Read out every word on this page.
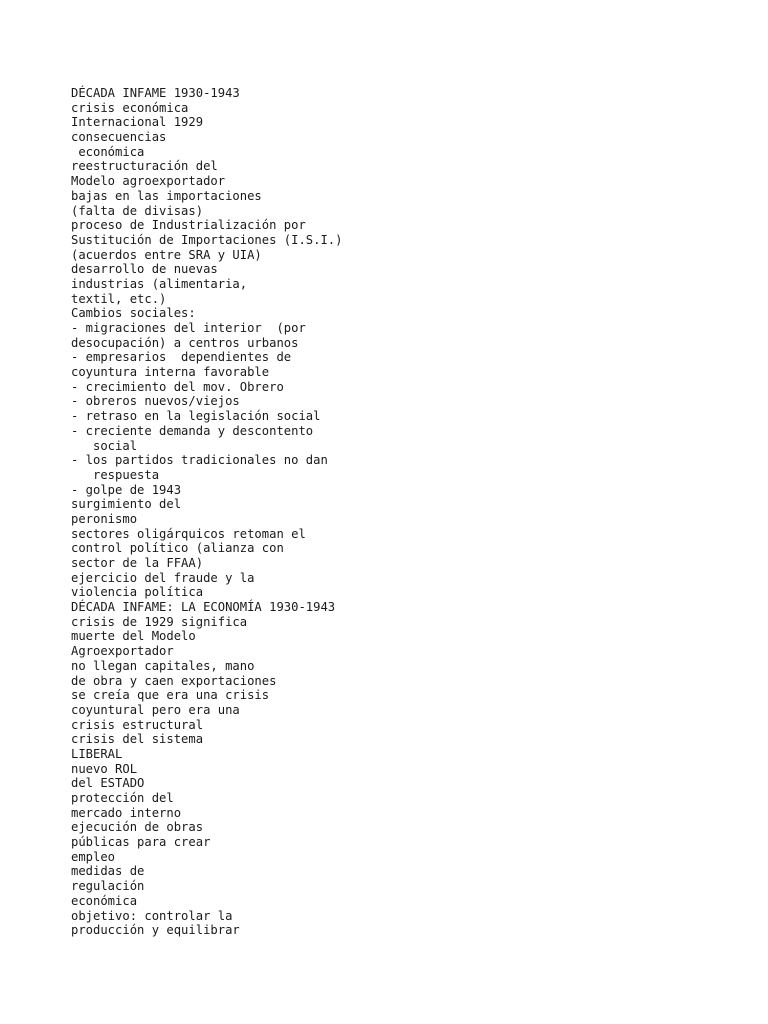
DÉCADA INFAME 1930-1943

crisis económica

Internacional 1929

consecuencias

económica

reestructuración del

Modelo agroexportador

bajas en las importaciones

(falta de divisas)

proceso de Industrialización por

Sustitución de Importaciones (I.S.I.)

(acuerdos entre SRA y UIA)

desarrollo de nuevas

industrias (alimentaria,

textil, etc.)

Cambios sociales:

- migraciones del interior  (por

desocupación) a centros urbanos

- empresarios  dependientes de

coyuntura interna favorable

- crecimiento del mov. Obrero

- obreros nuevos/viejos

- retraso en la legislación social

- creciente demanda y descontento

social

- los partidos tradicionales no dan

respuesta

- golpe de 1943

surgimiento del

peronismo

sectores oligárquicos retoman el

control político (alianza con

sector de la FFAA)

ejercicio del fraude y la

violencia política

DÉCADA INFAME: LA ECONOMÍA 1930-1943

crisis de 1929 significa

muerte del Modelo

Agroexportador

no llegan capitales, mano

de obra y caen exportaciones

se creía que era una crisis

coyuntural pero era una

crisis estructural

crisis del sistema

LIBERAL

nuevo ROL

del ESTADO

protección del

mercado interno

ejecución de obras

públicas para crear

empleo

medidas de

regulación

económica

objetivo: controlar la

producción y equilibrar
